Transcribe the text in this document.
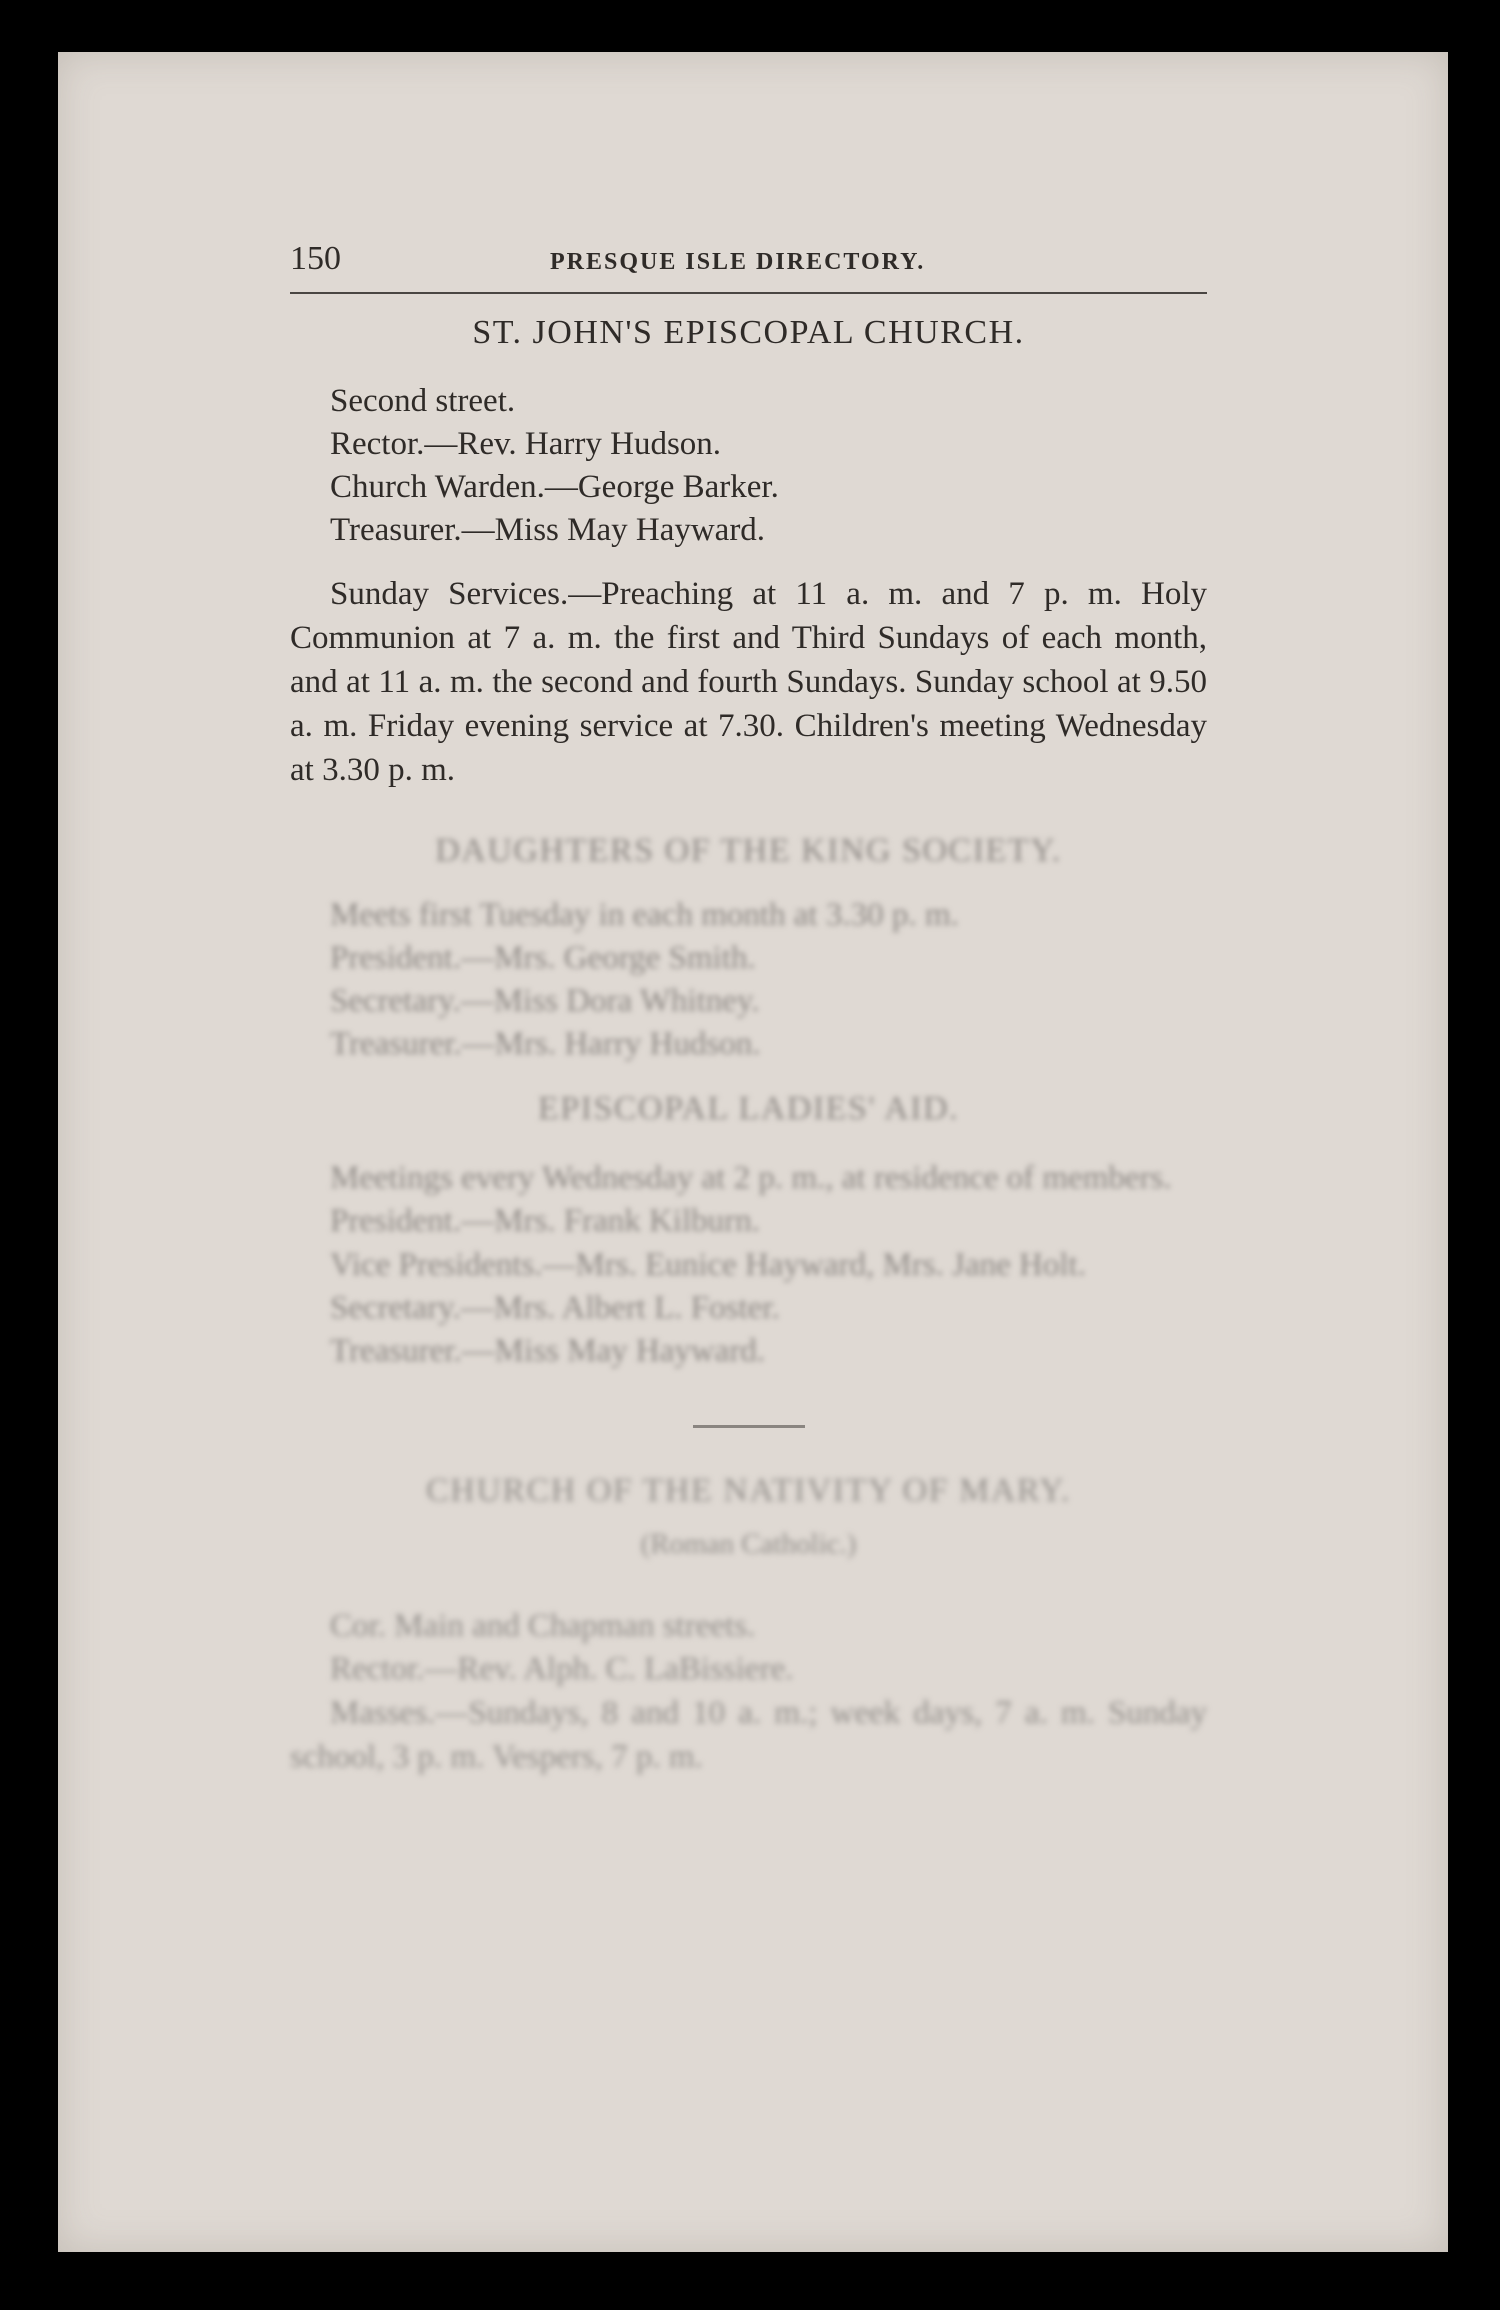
150	PRESQUE ISLE DIRECTORY.
ST. JOHN'S EPISCOPAL CHURCH.
Second street.
Rector.—Rev. Harry Hudson.
Church Warden.—George Barker.
Treasurer.—Miss May Hayward.

Sunday Services.—Preaching at 11 a. m. and 7 p. m. Holy Communion at 7 a. m. the first and Third Sundays of each month, and at 11 a. m. the second and fourth Sundays. Sunday school at 9.50 a. m. Friday evening service at 7.30. Children's meeting Wednesday at 3.30 p. m.

DAUGHTERS OF THE KING SOCIETY.
Meets first Tuesday in each month at 3.30 p. m.
President.—Mrs. George Smith.
Secretary.—Miss Dora Whitney.
Treasurer.—Mrs. Harry Hudson.
EPISCOPAL LADIES' AID.

Meetings every Wednesday at 2 p. m., at residence of members.

President.—Mrs. Frank Kilburn.

Vice Presidents.—Mrs. Eunice Hayward, Mrs. Jane Holt.

Secretary.—Mrs. Albert L. Foster.
Treasurer.—Miss May Hayward.
CHURCH OF THE NATIVITY OF MARY.
(Roman Catholic.)
Cor. Main and Chapman streets.
Rector.—Rev. Alph. C. LaBissiere.

Masses.—Sundays, 8 and 10 a. m.; week days, 7 a. m. Sunday school, 3 p. m. Vespers, 7 p. m.
